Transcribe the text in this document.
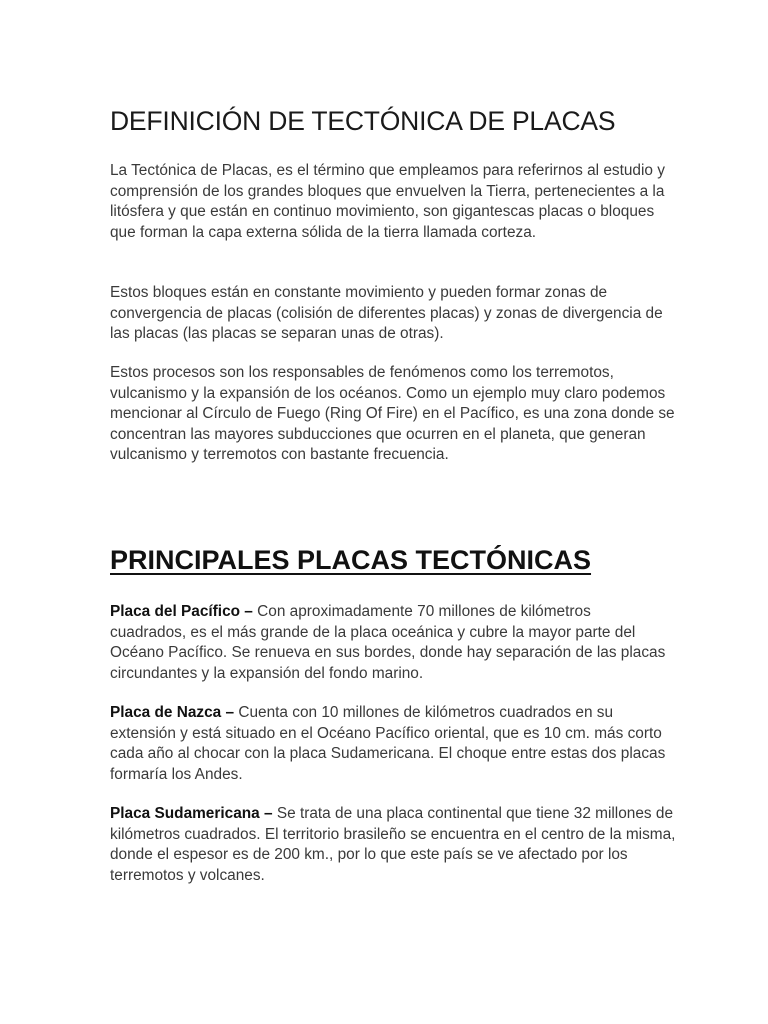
DEFINICIÓN DE TECTÓNICA DE PLACAS

La Tectónica de Placas, es el término que empleamos para referirnos al estudio y comprensión de los grandes bloques que envuelven la Tierra, pertenecientes a la litósfera y que están en continuo movimiento, son gigantescas placas o bloques que forman la capa externa sólida de la tierra llamada corteza.

Estos bloques están en constante movimiento y pueden formar zonas de convergencia de placas (colisión de diferentes placas) y zonas de divergencia de las placas (las placas se separan unas de otras).

Estos procesos son los responsables de fenómenos como los terremotos, vulcanismo y la expansión de los océanos. Como un ejemplo muy claro podemos mencionar al Círculo de Fuego (Ring Of Fire) en el Pacífico, es una zona donde se concentran las mayores subducciones que ocurren en el planeta, que generan vulcanismo y terremotos con bastante frecuencia.

PRINCIPALES PLACAS TECTÓNICAS

Placa del Pacífico – Con aproximadamente 70 millones de kilómetros cuadrados, es el más grande de la placa oceánica y cubre la mayor parte del Océano Pacífico. Se renueva en sus bordes, donde hay separación de las placas circundantes y la expansión del fondo marino.

Placa de Nazca – Cuenta con 10 millones de kilómetros cuadrados en su extensión y está situado en el Océano Pacífico oriental, que es 10 cm. más corto cada año al chocar con la placa Sudamericana. El choque entre estas dos placas formaría los Andes.

Placa Sudamericana – Se trata de una placa continental que tiene 32 millones de kilómetros cuadrados. El territorio brasileño se encuentra en el centro de la misma, donde el espesor es de 200 km., por lo que este país se ve afectado por los terremotos y volcanes.
